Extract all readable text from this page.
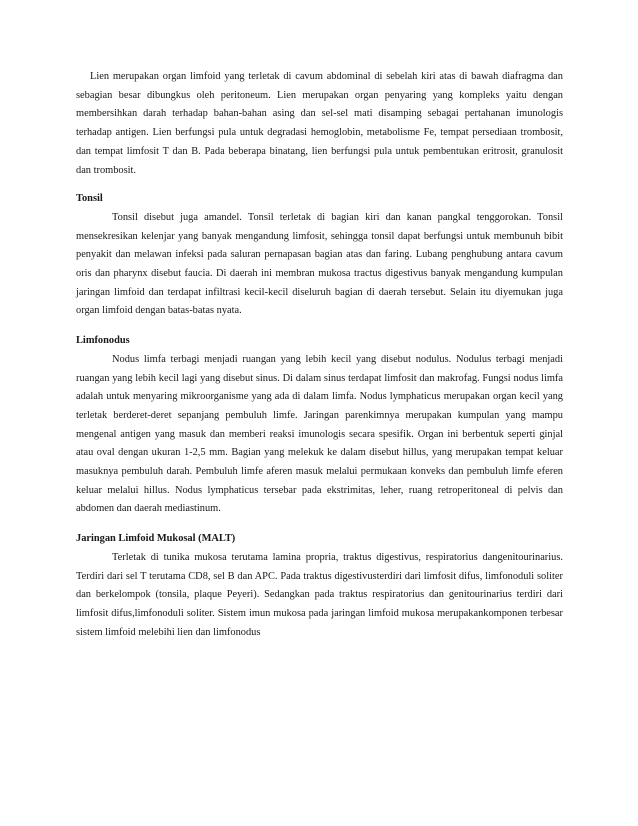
Lien merupakan organ limfoid yang terletak di cavum abdominal di sebelah kiri atas di bawah diafragma dan sebagian besar dibungkus oleh peritoneum. Lien merupakan organ penyaring yang kompleks yaitu dengan membersihkan darah terhadap bahan-bahan asing dan sel-sel mati disamping sebagai pertahanan imunologis terhadap antigen. Lien berfungsi pula untuk degradasi hemoglobin, metabolisme Fe, tempat persediaan trombosit, dan tempat limfosit T dan B. Pada beberapa binatang, lien berfungsi pula untuk pembentukan eritrosit, granulosit dan trombosit.

Tonsil

Tonsil disebut juga amandel. Tonsil terletak di bagian kiri dan kanan pangkal tenggorokan. Tonsil mensekresikan kelenjar yang banyak mengandung limfosit, sehingga tonsil dapat berfungsi untuk membunuh bibit penyakit dan melawan infeksi pada saluran pernapasan bagian atas dan faring. Lubang penghubung antara cavum oris dan pharynx disebut faucia. Di daerah ini membran mukosa tractus digestivus banyak mengandung kumpulan jaringan limfoid dan terdapat infiltrasi kecil-kecil diseluruh bagian di daerah tersebut. Selain itu diyemukan juga organ limfoid dengan batas-batas nyata.

Limfonodus

Nodus limfa terbagi menjadi ruangan yang lebih kecil yang disebut nodulus. Nodulus terbagi menjadi ruangan yang lebih kecil lagi yang disebut sinus. Di dalam sinus terdapat limfosit dan makrofag. Fungsi nodus limfa adalah untuk menyaring mikroorganisme yang ada di dalam limfa. Nodus lymphaticus merupakan organ kecil yang terletak berderet-deret sepanjang pembuluh limfe. Jaringan parenkimnya merupakan kumpulan yang mampu mengenal antigen yang masuk dan memberi reaksi imunologis secara spesifik. Organ ini berbentuk seperti ginjal atau oval dengan ukuran 1-2,5 mm. Bagian yang melekuk ke dalam disebut hillus, yang merupakan tempat keluar masuknya pembuluh darah. Pembuluh limfe aferen masuk melalui permukaan konveks dan pembuluh limfe eferen keluar melalui hillus. Nodus lymphaticus tersebar pada ekstrimitas, leher, ruang retroperitoneal di pelvis dan abdomen dan daerah mediastinum.

Jaringan Limfoid Mukosal (MALT)

Terletak di tunika mukosa terutama lamina propria, traktus digestivus, respiratorius dangenitourinarius. Terdiri dari sel T terutama CD8, sel B dan APC. Pada traktus digestivusterdiri dari limfosit difus, limfonoduli soliter dan berkelompok (tonsila, plaque Peyeri). Sedangkan pada traktus respiratorius dan genitourinarius terdiri dari limfosit difus,limfonoduli soliter. Sistem imun mukosa pada jaringan limfoid mukosa merupakankomponen terbesar sistem limfoid melebihi lien dan limfonodus
